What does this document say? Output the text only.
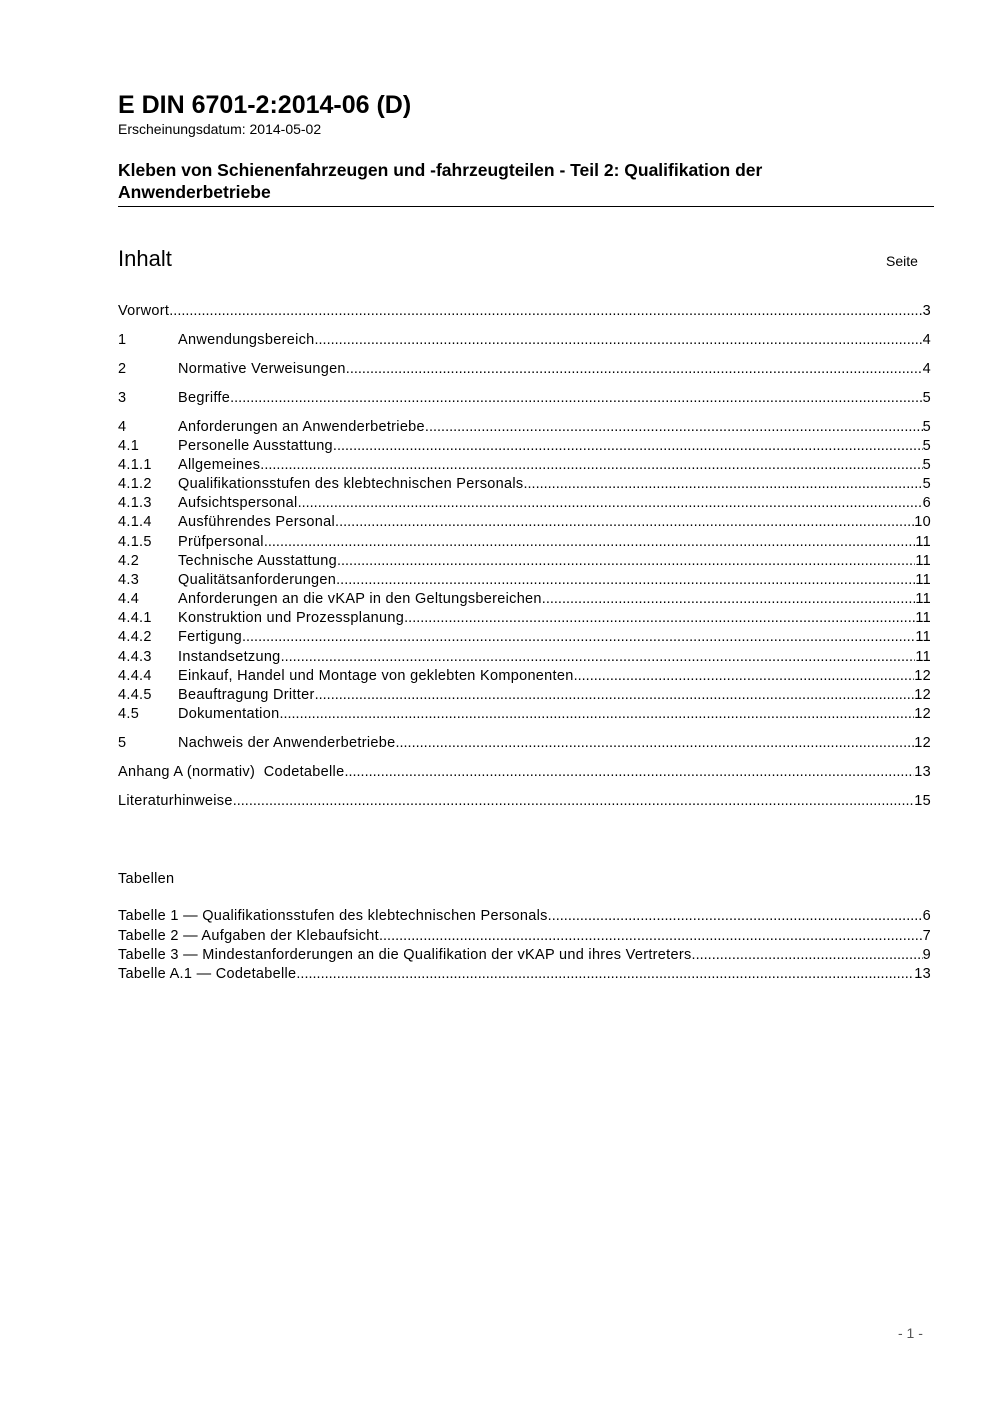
E DIN 6701-2:2014-06 (D)
Erscheinungsdatum: 2014-05-02
Kleben von Schienenfahrzeugen und -fahrzeugteilen - Teil 2: Qualifikation der Anwenderbetriebe
Inhalt	Seite
Vorwort .....	3
1	Anwendungsbereich .....	4
2	Normative Verweisungen .....	4
3	Begriffe .....	5
4	Anforderungen an Anwenderbetriebe .....	5
4.1	Personelle Ausstattung .....	5
4.1.1	Allgemeines .....	5
4.1.2	Qualifikationsstufen des klebtechnischen Personals .....	5
4.1.3	Aufsichtspersonal .....	6
4.1.4	Ausführendes Personal .....	10
4.1.5	Prüfpersonal .....	11
4.2	Technische Ausstattung .....	11
4.3	Qualitätsanforderungen .....	11
4.4	Anforderungen an die vKAP in den Geltungsbereichen .....	11
4.4.1	Konstruktion und Prozessplanung .....	11
4.4.2	Fertigung .....	11
4.4.3	Instandsetzung .....	11
4.4.4	Einkauf, Handel und Montage von geklebten Komponenten .....	12
4.4.5	Beauftragung Dritter .....	12
4.5	Dokumentation .....	12
5	Nachweis der Anwenderbetriebe .....	12
Anhang A (normativ)  Codetabelle .....	13
Literaturhinweise .....	15
Tabellen
Tabelle 1 — Qualifikationsstufen des klebtechnischen Personals .....	6
Tabelle 2 — Aufgaben der Klebaufsicht .....	7
Tabelle 3 — Mindestanforderungen an die Qualifikation der vKAP und ihres Vertreters .....	9
Tabelle A.1 — Codetabelle .....	13
- 1 -
